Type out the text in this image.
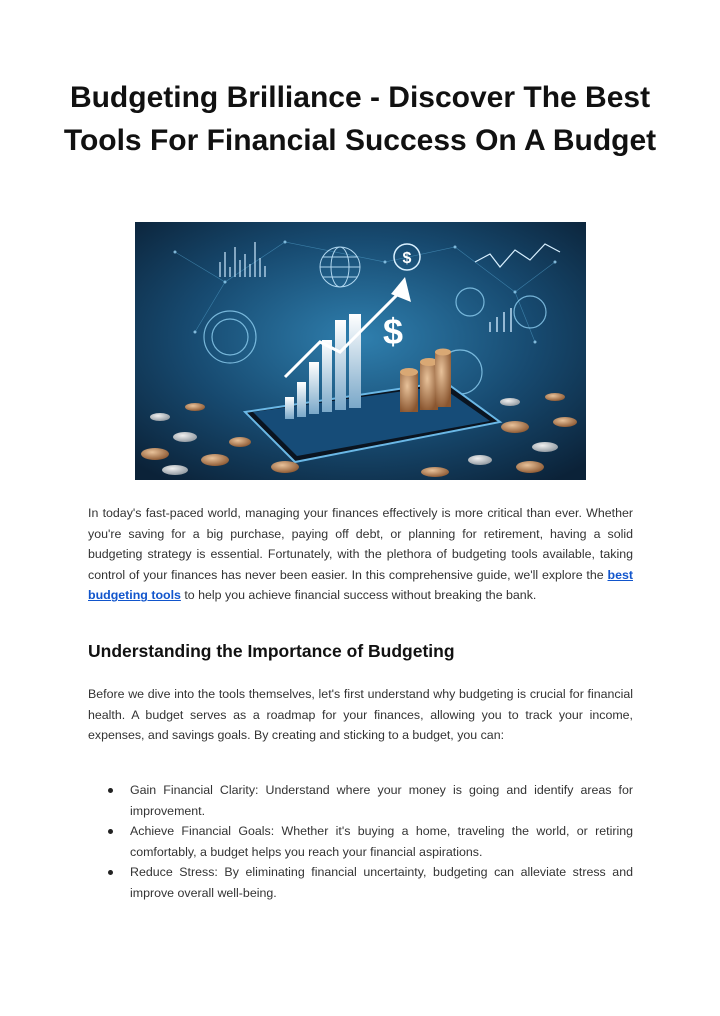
Budgeting Brilliance - Discover The Best Tools For Financial Success On A Budget
$
$

In today's fast-paced world, managing your finances effectively is more critical than ever. Whether you're saving for a big purchase, paying off debt, or planning for retirement, having a solid budgeting strategy is essential. Fortunately, with the plethora of budgeting tools available, taking control of your finances has never been easier. In this comprehensive guide, we'll explore the best budgeting tools to help you achieve financial success without breaking the bank.

Understanding the Importance of Budgeting

Before we dive into the tools themselves, let's first understand why budgeting is crucial for financial health. A budget serves as a roadmap for your finances, allowing you to track your income, expenses, and savings goals. By creating and sticking to a budget, you can:

Gain Financial Clarity: Understand where your money is going and identify areas for improvement.
Achieve Financial Goals: Whether it's buying a home, traveling the world, or retiring comfortably, a budget helps you reach your financial aspirations.
Reduce Stress: By eliminating financial uncertainty, budgeting can alleviate stress and improve overall well-being.
